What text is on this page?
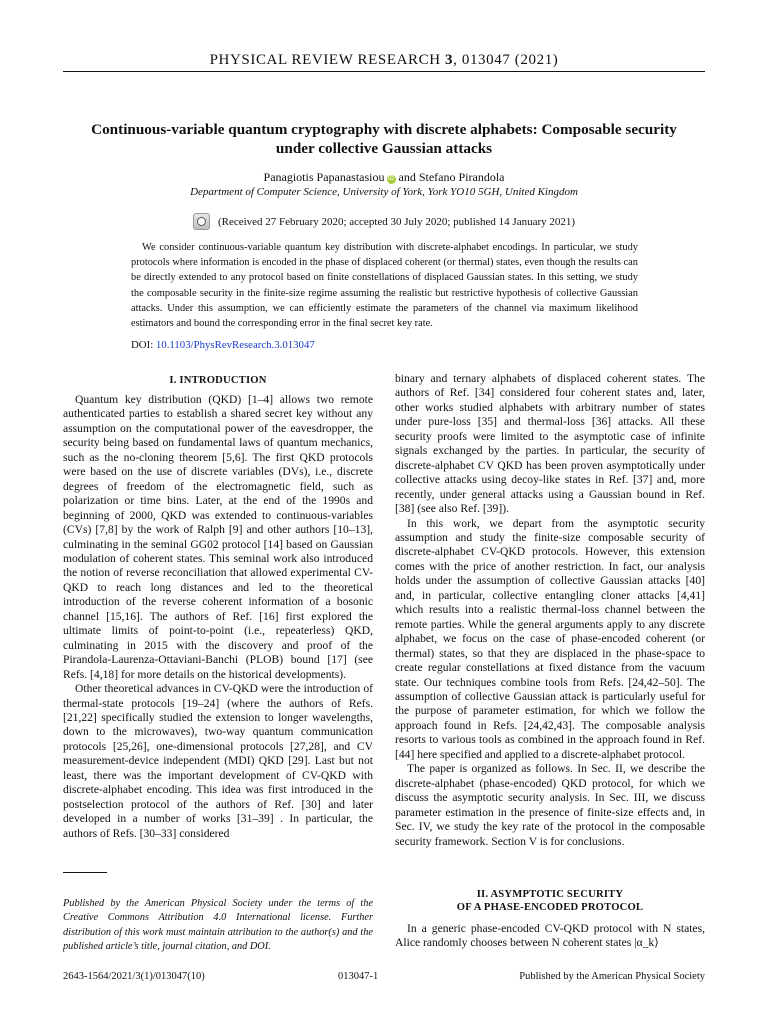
PHYSICAL REVIEW RESEARCH 3, 013047 (2021)
Continuous-variable quantum cryptography with discrete alphabets: Composable security under collective Gaussian attacks
Panagiotis Papanastasiou iD and Stefano Pirandola
Department of Computer Science, University of York, York YO10 5GH, United Kingdom
(Received 27 February 2020; accepted 30 July 2020; published 14 January 2021)
We consider continuous-variable quantum key distribution with discrete-alphabet encodings. In particular, we study protocols where information is encoded in the phase of displaced coherent (or thermal) states, even though the results can be directly extended to any protocol based on finite constellations of displaced Gaussian states. In this setting, we study the composable security in the finite-size regime assuming the realistic but restrictive hypothesis of collective Gaussian attacks. Under this assumption, we can efficiently estimate the parameters of the channel via maximum likelihood estimators and bound the corresponding error in the final secret key rate.
DOI: 10.1103/PhysRevResearch.3.013047
I. INTRODUCTION

Quantum key distribution (QKD) [1–4] allows two remote authenticated parties to establish a shared secret key without any assumption on the computational power of the eavesdropper, the security being based on fundamental laws of quantum mechanics, such as the no-cloning theorem [5,6]. The first QKD protocols were based on the use of discrete variables (DVs), i.e., discrete degrees of freedom of the electromagnetic field, such as polarization or time bins. Later, at the end of the 1990s and beginning of 2000, QKD was extended to continuous-variables (CVs) [7,8] by the work of Ralph [9] and other authors [10–13], culminating in the seminal GG02 protocol [14] based on Gaussian modulation of coherent states. This seminal work also introduced the notion of reverse reconciliation that allowed experimental CV-QKD to reach long distances and led to the theoretical introduction of the reverse coherent information of a bosonic channel [15,16]. The authors of Ref. [16] first explored the ultimate limits of point-to-point (i.e., repeaterless) QKD, culminating in 2015 with the discovery and proof of the Pirandola-Laurenza-Ottaviani-Banchi (PLOB) bound [17] (see Refs. [4,18] for more details on the historical developments).

Other theoretical advances in CV-QKD were the introduction of thermal-state protocols [19–24] (where the authors of Refs. [21,22] specifically studied the extension to longer wavelengths, down to the microwaves), two-way quantum communication protocols [25,26], one-dimensional protocols [27,28], and CV measurement-device independent (MDI) QKD [29]. Last but not least, there was the important development of CV-QKD with discrete-alphabet encoding. This idea was first introduced in the postselection protocol of the authors of Ref. [30] and later developed in a number of works [31–39] . In particular, the authors of Refs. [30–33] considered

binary and ternary alphabets of displaced coherent states. The authors of Ref. [34] considered four coherent states and, later, other works studied alphabets with arbitrary number of states under pure-loss [35] and thermal-loss [36] attacks. All these security proofs were limited to the asymptotic case of infinite signals exchanged by the parties. In particular, the security of discrete-alphabet CV QKD has been proven asymptotically under collective attacks using decoy-like states in Ref. [37] and, more recently, under general attacks using a Gaussian bound in Ref. [38] (see also Ref. [39]).

In this work, we depart from the asymptotic security assumption and study the finite-size composable security of discrete-alphabet CV-QKD protocols. However, this extension comes with the price of another restriction. In fact, our analysis holds under the assumption of collective Gaussian attacks [40] and, in particular, collective entangling cloner attacks [4,41] which results into a realistic thermal-loss channel between the remote parties. While the general arguments apply to any discrete alphabet, we focus on the case of phase-encoded coherent (or thermal) states, so that they are displaced in the phase-space to create regular constellations at fixed distance from the vacuum state. Our techniques combine tools from Refs. [24,42–50]. The assumption of collective Gaussian attack is particularly useful for the purpose of parameter estimation, for which we follow the approach found in Refs. [24,42,43]. The composable analysis resorts to various tools as combined in the approach found in Ref. [44] here specified and applied to a discrete-alphabet protocol.

The paper is organized as follows. In Sec. II, we describe the discrete-alphabet (phase-encoded) QKD protocol, for which we discuss the asymptotic security analysis. In Sec. III, we discuss parameter estimation in the presence of finite-size effects and, in Sec. IV, we study the key rate of the protocol in the composable security framework. Section V is for conclusions.

Published by the American Physical Society under the terms of the Creative Commons Attribution 4.0 International license. Further distribution of this work must maintain attribution to the author(s) and the published article’s title, journal citation, and DOI.
II. ASYMPTOTIC SECURITY
OF A PHASE-ENCODED PROTOCOL

In a generic phase-encoded CV-QKD protocol with N states, Alice randomly chooses between N coherent states |α_k⟩

2643-1564/2021/3(1)/013047(10)	013047-1	Published by the American Physical Society
